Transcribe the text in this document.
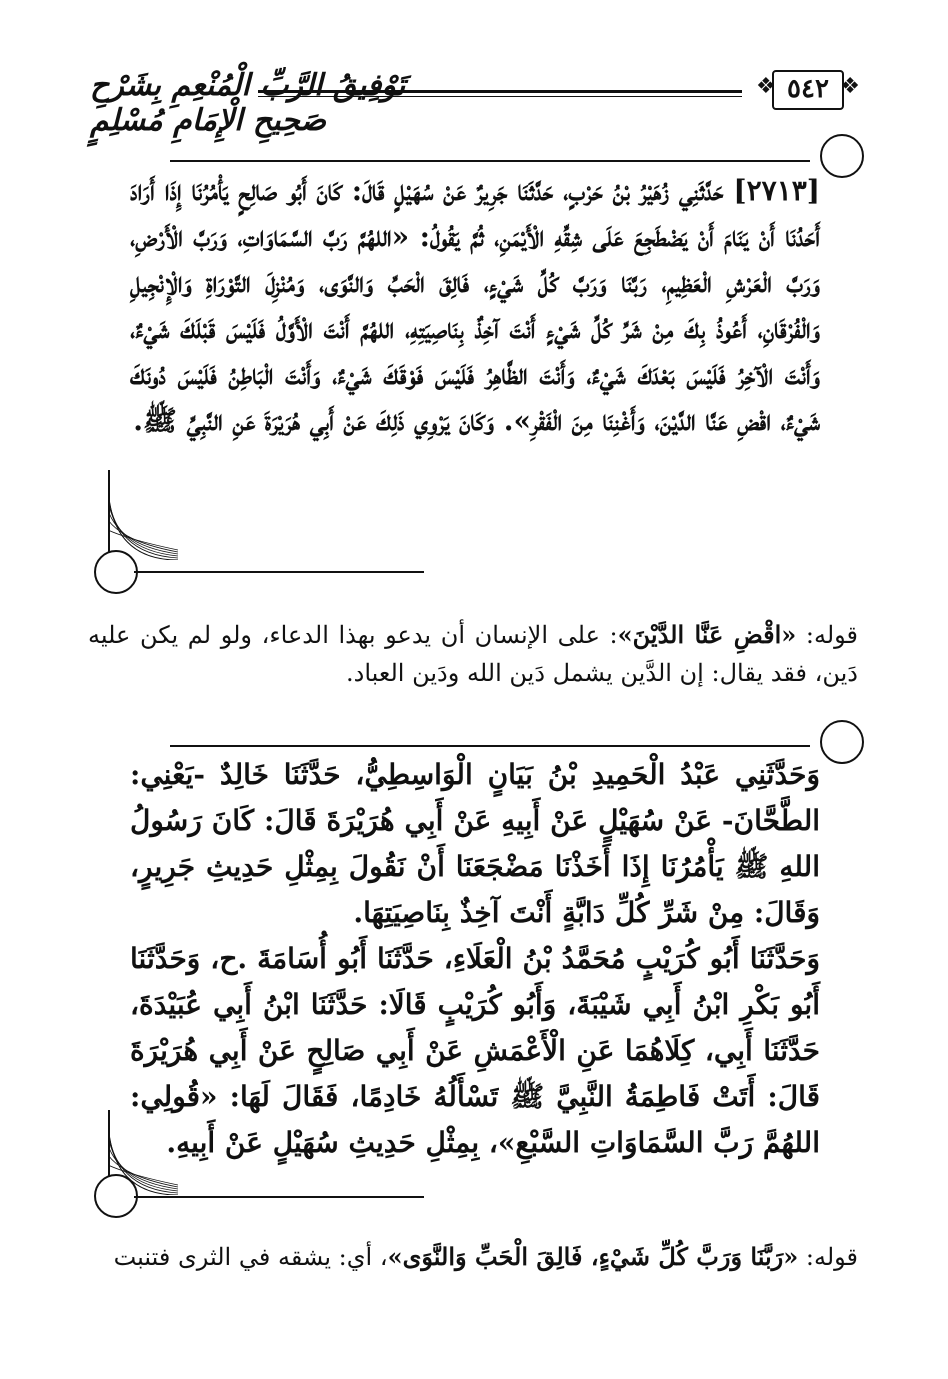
تَوْفِيقُ الرَّبِّ الْمُنْعِمِ بِشَرْحِ صَحِيحِ الْإِمَامِ مُسْلِمٍ
❖ ٥٤٢ ❖

[٢٧١٣] حَدَّثَنِي زُهَيْرُ بْنُ حَرْبٍ، حَدَّثَنَا جَرِيرٌ عَنْ سُهَيْلٍ قَالَ: كَانَ أَبُو صَالِحٍ يَأْمُرُنَا إِذَا أَرَادَ أَحَدُنَا أَنْ يَنَامَ أَنْ يَضْطَجِعَ عَلَى شِقِّهِ الْأَيْمَنِ، ثُمَّ يَقُولُ: «اللهُمَّ رَبَّ السَّمَاوَاتِ، وَرَبَّ الْأَرْضِ، وَرَبَّ الْعَرْشِ الْعَظِيمِ، رَبَّنَا وَرَبَّ كُلِّ شَيْءٍ، فَالِقَ الْحَبِّ وَالنَّوَى، وَمُنْزِلَ التَّوْرَاةِ وَالْإِنْجِيلِ وَالْفُرْقَانِ، أَعُوذُ بِكَ مِنْ شَرِّ كُلِّ شَيْءٍ أَنْتَ آخِذٌ بِنَاصِيَتِهِ، اللهُمَّ أَنْتَ الْأَوَّلُ فَلَيْسَ قَبْلَكَ شَيْءٌ، وَأَنْتَ الْآخِرُ فَلَيْسَ بَعْدَكَ شَيْءٌ، وَأَنْتَ الظَّاهِرُ فَلَيْسَ فَوْقَكَ شَيْءٌ، وَأَنْتَ الْبَاطِنُ فَلَيْسَ دُونَكَ شَيْءٌ، اقْضِ عَنَّا الدَّيْنَ، وَأَغْنِنَا مِنَ الْفَقْرِ». وَكَانَ يَرْوِي ذَلِكَ عَنْ أَبِي هُرَيْرَةَ عَنِ النَّبِيِّ ﷺ.

قوله: «اقْضِ عَنَّا الدَّيْنَ»: على الإنسان أن يدعو بهذا الدعاء، ولو لم يكن عليه دَين، فقد يقال: إن الدَّين يشمل دَين الله ودَين العباد.

وَحَدَّثَنِي عَبْدُ الْحَمِيدِ بْنُ بَيَانٍ الْوَاسِطِيُّ، حَدَّثَنَا خَالِدٌ -يَعْنِي: الطَّحَّانَ- عَنْ سُهَيْلٍ عَنْ أَبِيهِ عَنْ أَبِي هُرَيْرَةَ قَالَ: كَانَ رَسُولُ اللهِ ﷺ يَأْمُرُنَا إِذَا أَخَذْنَا مَضْجَعَنَا أَنْ نَقُولَ بِمِثْلِ حَدِيثِ جَرِيرٍ، وَقَالَ: مِنْ شَرِّ كُلِّ دَابَّةٍ أَنْتَ آخِذٌ بِنَاصِيَتِهَا.

وَحَدَّثَنَا أَبُو كُرَيْبٍ مُحَمَّدُ بْنُ الْعَلَاءِ، حَدَّثَنَا أَبُو أُسَامَةَ .ح، وَحَدَّثَنَا أَبُو بَكْرِ ابْنُ أَبِي شَيْبَةَ، وَأَبُو كُرَيْبٍ قَالَا: حَدَّثَنَا ابْنُ أَبِي عُبَيْدَةَ، حَدَّثَنَا أَبِي، كِلَاهُمَا عَنِ الْأَعْمَشِ عَنْ أَبِي صَالِحٍ عَنْ أَبِي هُرَيْرَةَ قَالَ: أَتَتْ فَاطِمَةُ النَّبِيَّ ﷺ تَسْأَلُهُ خَادِمًا، فَقَالَ لَهَا: «قُولِي: اللهُمَّ رَبَّ السَّمَاوَاتِ السَّبْعِ»، بِمِثْلِ حَدِيثِ سُهَيْلٍ عَنْ أَبِيهِ.

قوله: «رَبَّنَا وَرَبَّ كُلِّ شَيْءٍ، فَالِقَ الْحَبِّ وَالنَّوَى»، أي: يشقه في الثرى فتنبت
